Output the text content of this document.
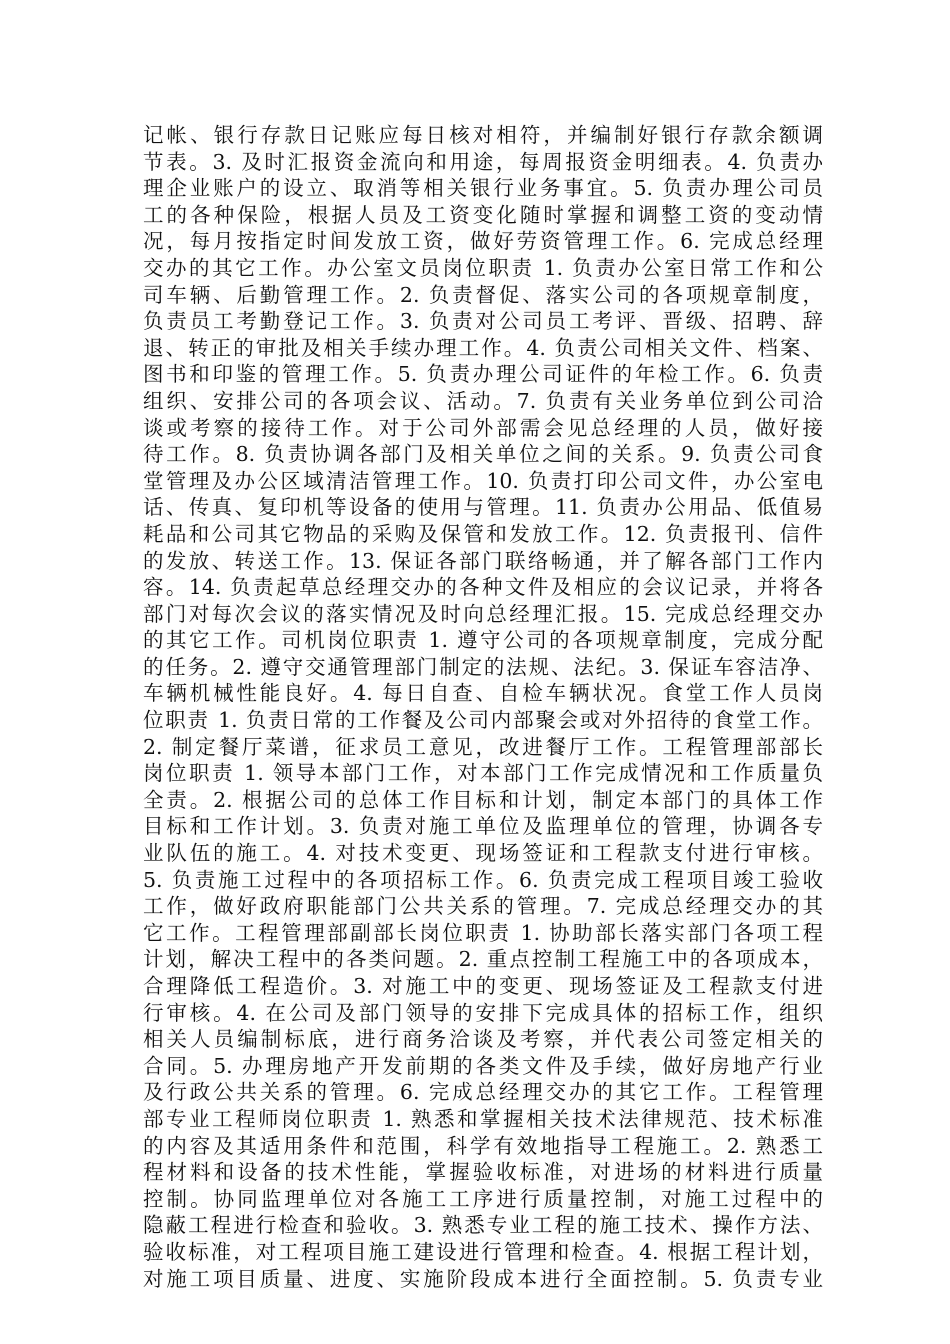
记帐、银行存款日记账应每日核对相符，并编制好银行存款余额调
节表。3. 及时汇报资金流向和用途，每周报资金明细表。4. 负责办
理企业账户的设立、取消等相关银行业务事宜。5. 负责办理公司员
工的各种保险，根据人员及工资变化随时掌握和调整工资的变动情
况，每月按指定时间发放工资，做好劳资管理工作。6. 完成总经理
交办的其它工作。办公室文员岗位职责 1. 负责办公室日常工作和公
司车辆、后勤管理工作。2. 负责督促、落实公司的各项规章制度，
负责员工考勤登记工作。3. 负责对公司员工考评、晋级、招聘、辞
退、转正的审批及相关手续办理工作。4. 负责公司相关文件、档案、
图书和印鉴的管理工作。5. 负责办理公司证件的年检工作。6. 负责
组织、安排公司的各项会议、活动。7. 负责有关业务单位到公司洽
谈或考察的接待工作。对于公司外部需会见总经理的人员，做好接
待工作。8. 负责协调各部门及相关单位之间的关系。9. 负责公司食
堂管理及办公区域清洁管理工作。10. 负责打印公司文件，办公室电
话、传真、复印机等设备的使用与管理。11. 负责办公用品、低值易
耗品和公司其它物品的采购及保管和发放工作。12. 负责报刊、信件
的发放、转送工作。13. 保证各部门联络畅通，并了解各部门工作内
容。14. 负责起草总经理交办的各种文件及相应的会议记录，并将各
部门对每次会议的落实情况及时向总经理汇报。15. 完成总经理交办
的其它工作。司机岗位职责 1. 遵守公司的各项规章制度，完成分配
的任务。2. 遵守交通管理部门制定的法规、法纪。3. 保证车容洁净、
车辆机械性能良好。4. 每日自查、自检车辆状况。食堂工作人员岗
位职责 1. 负责日常的工作餐及公司内部聚会或对外招待的食堂工作。
2. 制定餐厅菜谱，征求员工意见，改进餐厅工作。工程管理部部长
岗位职责 1. 领导本部门工作，对本部门工作完成情况和工作质量负
全责。2. 根据公司的总体工作目标和计划，制定本部门的具体工作
目标和工作计划。3. 负责对施工单位及监理单位的管理，协调各专
业队伍的施工。4. 对技术变更、现场签证和工程款支付进行审核。
5. 负责施工过程中的各项招标工作。6. 负责完成工程项目竣工验收
工作，做好政府职能部门公共关系的管理。7. 完成总经理交办的其
它工作。工程管理部副部长岗位职责 1. 协助部长落实部门各项工程
计划，解决工程中的各类问题。2. 重点控制工程施工中的各项成本，
合理降低工程造价。3. 对施工中的变更、现场签证及工程款支付进
行审核。4. 在公司及部门领导的安排下完成具体的招标工作，组织
相关人员编制标底，进行商务洽谈及考察，并代表公司签定相关的
合同。5. 办理房地产开发前期的各类文件及手续，做好房地产行业
及行政公共关系的管理。6. 完成总经理交办的其它工作。工程管理
部专业工程师岗位职责 1. 熟悉和掌握相关技术法律规范、技术标准
的内容及其适用条件和范围，科学有效地指导工程施工。2. 熟悉工
程材料和设备的技术性能，掌握验收标准，对进场的材料进行质量
控制。协同监理单位对各施工工序进行质量控制，对施工过程中的
隐蔽工程进行检查和验收。3. 熟悉专业工程的施工技术、操作方法、
验收标准，对工程项目施工建设进行管理和检查。4. 根据工程计划，
对施工项目质量、进度、实施阶段成本进行全面控制。5. 负责专业
